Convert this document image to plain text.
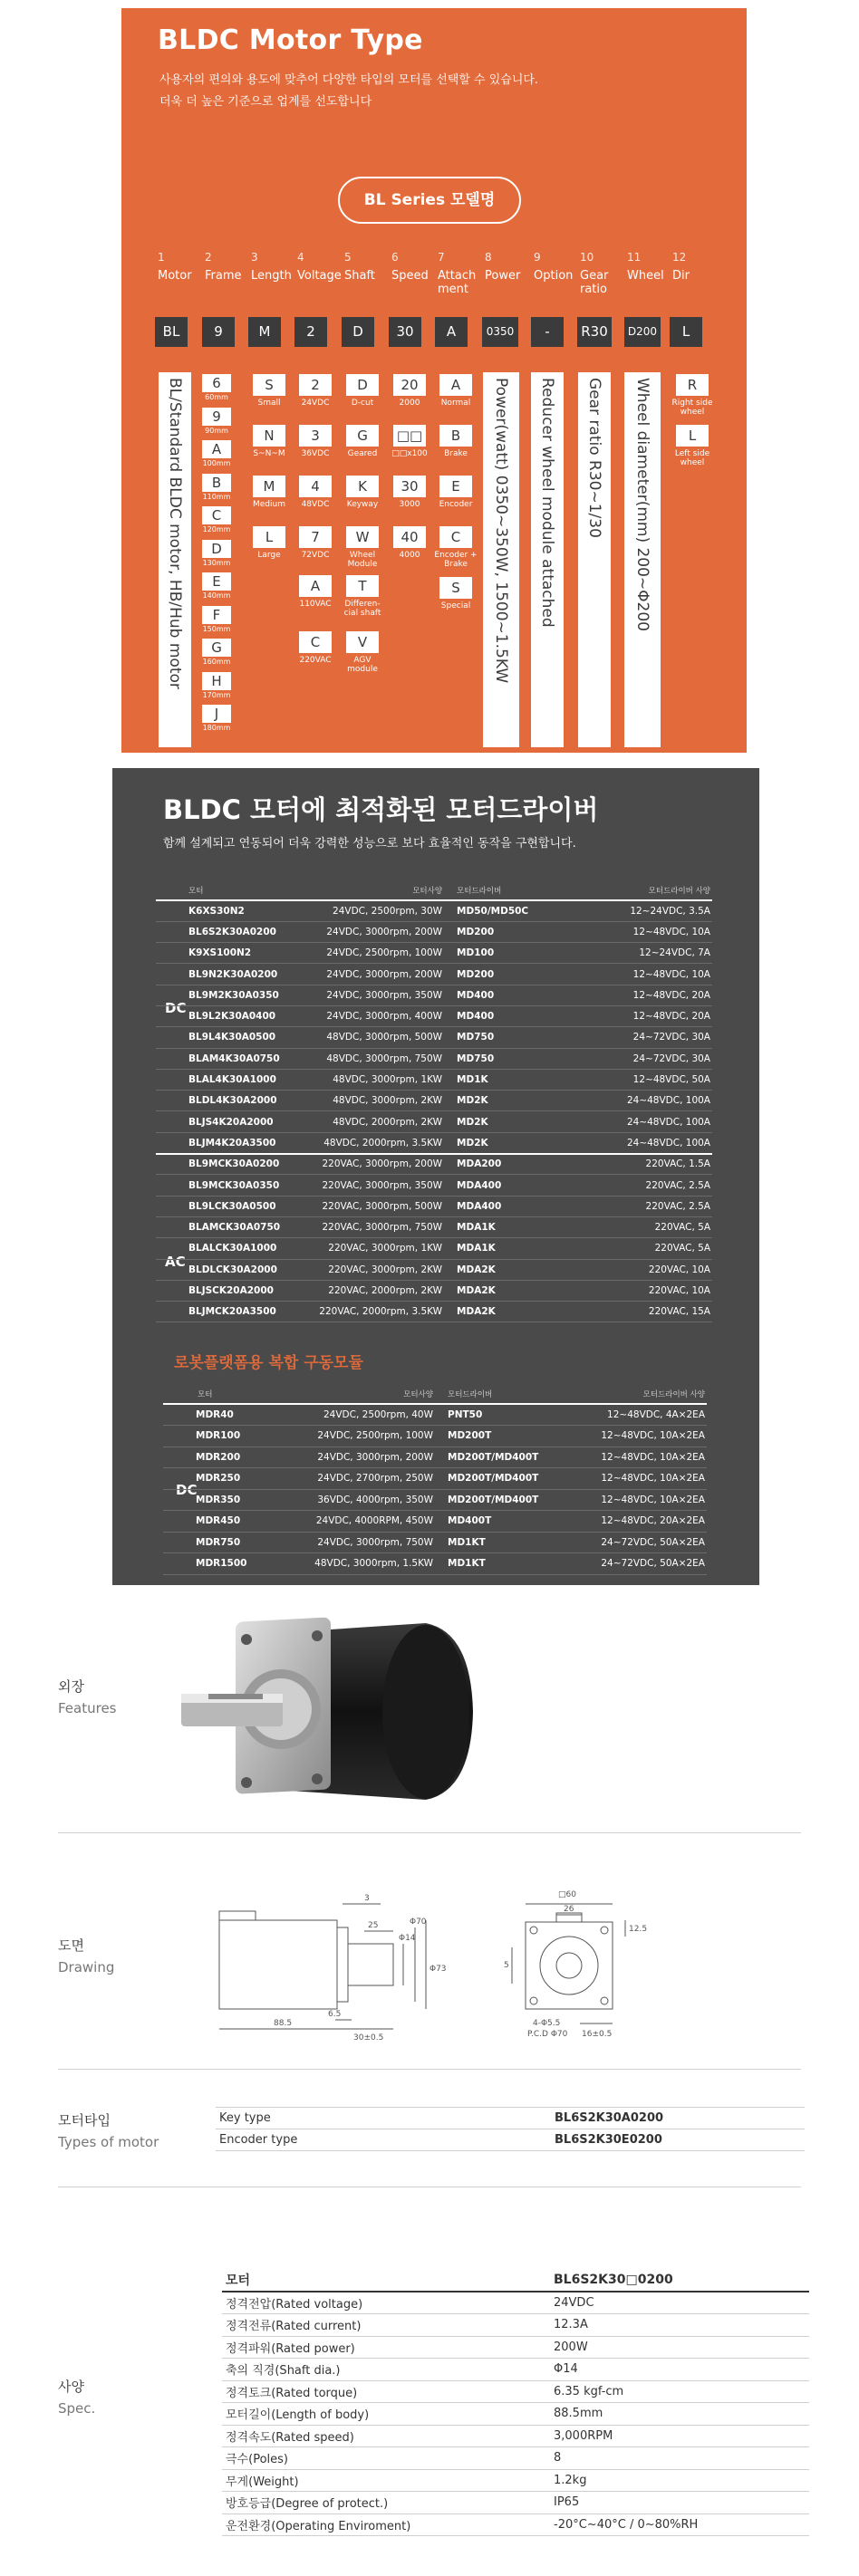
BLDC Motor Type
사용자의 편의와 용도에 맞추어 다양한 타입의 모터를 선택할 수 있습니다.
더욱 더 높은 기준으로 업계를 선도합니다
BL Series 모델명
1
Motor
2
Frame
3
Length
4
Voltage
5
Shaft
6
Speed
7
Attach ment
8
Power
9
Option
10
Gear ratio
11
Wheel
12
Dir
BL	9	M	2	D	30	A	0350	-	R30	D200	L
6
60mm
9
90mm
A
100mm
B
110mm
C
120mm
D
130mm
E
140mm
F
150mm
G
160mm
H
170mm
J
180mm
S
Small
N
S~N~M
M
Medium
L
Large
2
24VDC
3
36VDC
4
48VDC
7
72VDC
A
110VAC
C
220VAC
D
D-cut
G
Geared
K
Keyway
W
Wheel Module
T
Differen-cial shaft
V
AGV module
20
2000
□□
□□x100
30
3000
40
4000
A
Normal
B
Brake
E
Encoder
C
Encoder + Brake
S
Special
R
Right side wheel
L
Left side wheel
BL/Standard BLDC motor, HB/Hub motor	Power(watt) 0350~350W, 1500~1.5KW Reducer wheel module attached Gear ratio R30~1/30 Wheel diameter(mm) 200~Φ200
BLDC 모터에 최적화된 모터드라이버
함께 설계되고 연동되어 더욱 강력한 성능으로 보다 효율적인 동작을 구현합니다.
DC
AC
모터	모터사양	모터드라이버	모터드라이버 사양
K6XS30N2	24VDC, 2500rpm, 30W	MD50/MD50C	12~24VDC, 3.5A
BL6S2K30A0200	24VDC, 3000rpm, 200W	MD200	12~48VDC, 10A
K9XS100N2	24VDC, 2500rpm, 100W	MD100	12~24VDC, 7A
BL9N2K30A0200	24VDC, 3000rpm, 200W	MD200	12~48VDC, 10A
BL9M2K30A0350	24VDC, 3000rpm, 350W	MD400	12~48VDC, 20A
BL9L2K30A0400	24VDC, 3000rpm, 400W	MD400	12~48VDC, 20A
BL9L4K30A0500	48VDC, 3000rpm, 500W	MD750	24~72VDC, 30A
BLAM4K30A0750	48VDC, 3000rpm, 750W	MD750	24~72VDC, 30A
BLAL4K30A1000	48VDC, 3000rpm, 1KW	MD1K	12~48VDC, 50A
BLDL4K30A2000	48VDC, 3000rpm, 2KW	MD2K	24~48VDC, 100A
BLJS4K20A2000	48VDC, 2000rpm, 2KW	MD2K	24~48VDC, 100A
BLJM4K20A3500	48VDC, 2000rpm, 3.5KW	MD2K	24~48VDC, 100A
BL9MCK30A0200	220VAC, 3000rpm, 200W	MDA200	220VAC, 1.5A
BL9MCK30A0350	220VAC, 3000rpm, 350W	MDA400	220VAC, 2.5A
BL9LCK30A0500	220VAC, 3000rpm, 500W	MDA400	220VAC, 2.5A
BLAMCK30A0750	220VAC, 3000rpm, 750W	MDA1K	220VAC, 5A
BLALCK30A1000	220VAC, 3000rpm, 1KW	MDA1K	220VAC, 5A
BLDLCK30A2000	220VAC, 3000rpm, 2KW	MDA2K	220VAC, 10A
BLJSCK20A2000	220VAC, 2000rpm, 2KW	MDA2K	220VAC, 10A
BLJMCK20A3500	220VAC, 2000rpm, 3.5KW	MDA2K	220VAC, 15A
로봇플랫폼용 복합 구동모듈
DC
모터	모터사양	모터드라이버	모터드라이버 사양
MDR40	24VDC, 2500rpm, 40W	PNT50	12~48VDC, 4A×2EA
MDR100	24VDC, 2500rpm, 100W	MD200T	12~48VDC, 10A×2EA
MDR200	24VDC, 3000rpm, 200W	MD200T/MD400T	12~48VDC, 10A×2EA
MDR250	24VDC, 2700rpm, 250W	MD200T/MD400T	12~48VDC, 10A×2EA
MDR350	36VDC, 4000rpm, 350W	MD200T/MD400T	12~48VDC, 10A×2EA
MDR450	24VDC, 4000RPM, 450W	MD400T	12~48VDC, 20A×2EA
MDR750	24VDC, 3000rpm, 750W	MD1KT	24~72VDC, 50A×2EA
MDR1500	48VDC, 3000rpm, 1.5KW	MD1KT	24~72VDC, 50A×2EA
외장
Features
도면
Drawing
3
25
88.5
30±0.5
Φ14
Φ70
Φ73
6.5
□60
26
12.5
5
4-Φ5.5
P.C.D Φ70 16±0.5
모터타입
Types of motor
Key type	BL6S2K30A0200
Encoder type	BL6S2K30E0200
사양
Spec.
모터	BL6S2K30□0200
정격전압(Rated voltage)	24VDC
정격전류(Rated current)	12.3A
정격파워(Rated power)	200W
축의 직경(Shaft dia.)	Φ14
정격토크(Rated torque)	6.35 kgf-cm
모터길이(Length of body)	88.5mm
정격속도(Rated speed)	3,000RPM
극수(Poles)	8
무게(Weight)	1.2kg
방호등급(Degree of protect.)	IP65
운전환경(Operating Enviroment)	-20°C~40°C / 0~80%RH
